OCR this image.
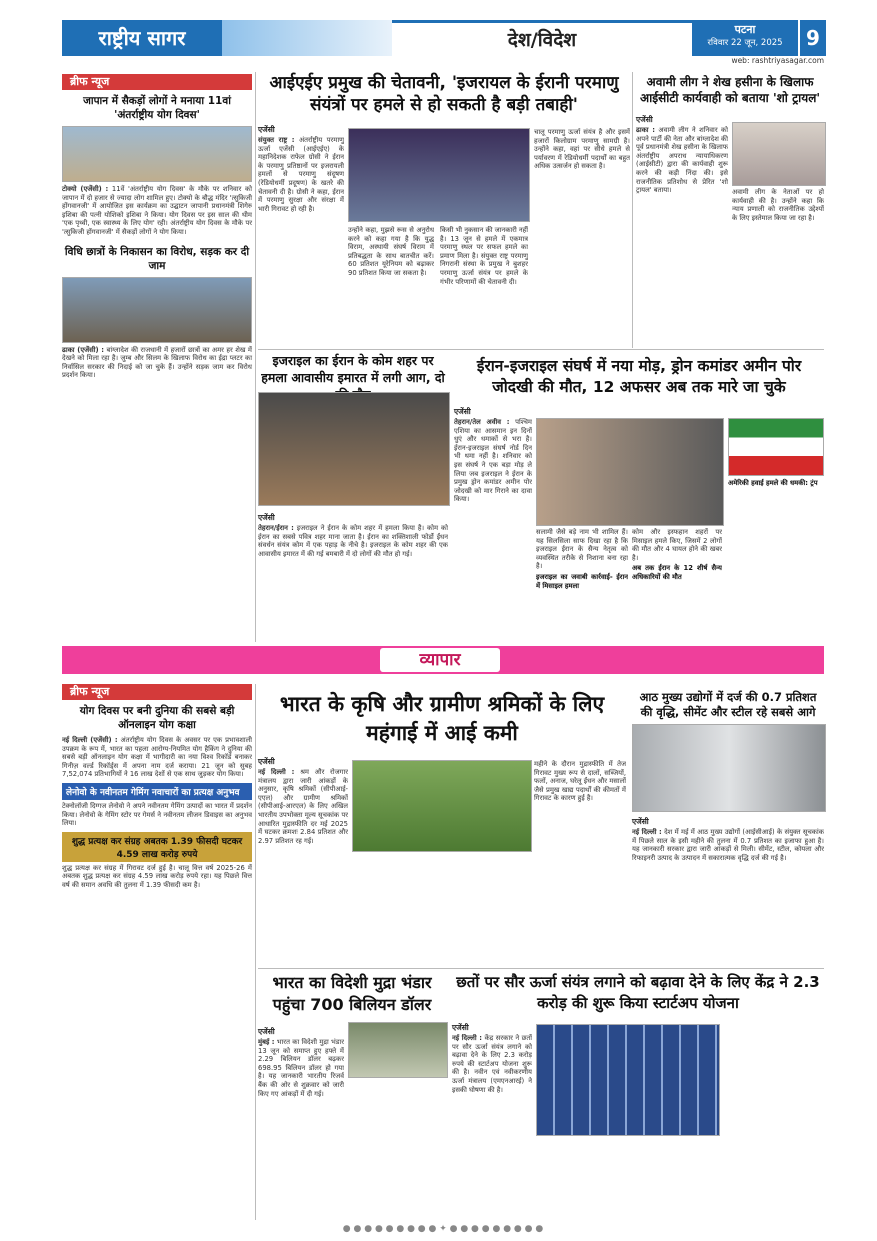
राष्ट्रीय सागर	देश/विदेश	पटना
रविवार 22 जून, 2025	9
web: rashtriyasagar.com
ब्रीफ न्यूज
जापान में सैकड़ों लोगों ने मनाया 11वां 'अंतर्राष्ट्रीय योग दिवस'
टोक्यो (एजेंसी) : 11वें 'अंतर्राष्ट्रीय योग दिवस' के मौके पर शनिवार को जापान में दो हजार से ज्यादा लोग शामिल हुए। टोक्यो के बौद्ध मंदिर 'त्सुकिजी होंगवानजी' में आयोजित इस कार्यक्रम का उद्घाटन जापानी प्रधानमंत्री शिगेरु इशिबा की पत्नी योशिको इशिबा ने किया। योग दिवस पर इस साल की थीम 'एक पृथ्वी, एक स्वास्थ्य के लिए योग' रही। अंतर्राष्ट्रीय योग दिवस के मौके पर 'त्सुकिजी होंगवानजी' में सैकड़ों लोगों ने योग किया।
विधि छात्रों के निकासन का विरोध, सड़क कर दी जाम
ढाका (एजेंसी) : बांग्लादेश की राजधानी में हजारों छात्रों का अमर हर शेख में देखने को मिला रहा है। जुम्ब और सिलम के खिलाफ विरोध का ईद्रा प्लटर का निर्वासिल सरकार की निदाई को जा चुके हैं। उन्होंने सड़क जाम कर विरोध प्रदर्शन किया।
आईएईए प्रमुख की चेतावनी, 'इजरायल के ईरानी परमाणु संयंत्रों पर हमले से हो सकती है बड़ी तबाही'
एजेंसी
संयुक्त राष्ट्र : अंतर्राष्ट्रीय परमाणु ऊर्जा एजेंसी (आईएईए) के महानिदेशक राफेल ग्रोसी ने ईरान के परमाणु प्रतिष्ठानों पर इजरायली हमलों से परमाणु संदूषण (रेडियोधर्मी प्रदूषण) के खतरे की चेतावनी दी है। ग्रोसी ने कहा, ईरान में परमाणु सुरक्षा और संरक्षा में भारी गिरावट हो रही है।
उन्होंने कहा, मुझसे रूस से अनुरोध करने को कहा गया है कि युद्ध विराम, अस्थायी संघर्ष विराम में प्रतिबद्धता के साथ बातचीत करें। 60 प्रतिशत यूरेनियम को बढ़ाकर 90 प्रतिशत किया जा सकता है।
किसी भी नुकसान की जानकारी नहीं है। 13 जून से हमले में एकमात्र परमाणु स्थल पर सफल हमले का प्रमाण मिला है। संयुक्त राष्ट्र परमाणु निगरानी संस्था के प्रमुख ने बुशहर परमाणु ऊर्जा संयंत्र पर हमले के गंभीर परिणामों की चेतावनी दी।
चालू परमाणु ऊर्जा संयंत्र है और इसमें हजारों किलोग्राम परमाणु सामग्री है। उन्होंने कहा, वहां पर सीधे हमले से पर्यावरण में रेडियोधर्मी पदार्थों का बहुत अधिक उत्सर्जन हो सकता है।
अवामी लीग ने शेख हसीना के खिलाफ आईसीटी कार्यवाही को बताया 'शो ट्रायल'
एजेंसी
ढाका : अवामी लीग ने शनिवार को अपने पार्टी की नेता और बांग्लादेश की पूर्व प्रधानमंत्री शेख हसीना के खिलाफ अंतर्राष्ट्रीय अपराध न्यायाधिकरण (आईसीटी) द्वारा की कार्यवाही शुरू करने की कड़ी निंदा की। इसे राजनीतिक प्रतिशोध से प्रेरित 'शो ट्रायल' बताया।	अवामी लीग के नेताओं पर हो कार्यवाही की है। उन्होंने कहा कि न्याय प्रणाली को राजनीतिक उद्देश्यों के लिए इस्तेमाल किया जा रहा है।
इजराइल का ईरान के कोम शहर पर हमला आवासीय इमारत में लगी आग, दो
एजेंसी
तेहरान/ईरान : इजराइल ने ईरान के कोम शहर में हमला किया है। कोम को ईरान का सबसे पवित्र शहर माना जाता है। ईरान का शक्तिशाली फोर्डो ईंधन संवर्धन संयंत्र कोम में एक पहाड़ के नीचे है। इजराइल के कोम शहर की एक आवासीय इमारत में की गई बमबारी में दो लोगों की मौत हो गई।
ईरान-इजराइल संघर्ष में नया मोड़, ड्रोन कमांडर अमीन पोर जोदखी की मौत, 12 अफसर अब तक मारे जा चुके
एजेंसी
तेहरान/तेल अवीव : पश्चिम एशिया का आसमान इन दिनों धुएं और धमाकों से भरा है। ईरान-इजराइल संघर्ष नोर्ड दिन भी थमा नहीं है। शनिवार को इस संघर्ष ने एक बड़ा मोड़ ले लिया जब इजराइल ने ईरान के प्रमुख ड्रोन कमांडर अमीन पोर जोदखी को मार गिराने का दावा किया।
सलामी जैसे बड़े नाम भी शामिल हैं। यह सिलसिला साफ दिखा रहा है कि इजराइल ईरान के सैन्य नेतृत्व को व्यवस्थित तरीके से निशाना बना रहा है।
इजराइल का जवाबी कार्रवाई- ईरान में मिसाइल हमला
कोम और इस्फहान शहरों पर मिसाइल हमले किए, जिसमें 2 लोगों की मौत और 4 घायल होने की खबर है।
अब तक ईरान के 12 शीर्ष सैन्य अधिकारियों की मौत
अमेरिकी हवाई हमले की धमकी: ट्रंप
व्यापार
ब्रीफ न्यूज
योग दिवस पर बनी दुनिया की सबसे बड़ी ऑनलाइन योग कक्षा
नई दिल्ली (एजेंसी) : अंतर्राष्ट्रीय योग दिवस के अवसर पर एक प्रभावशाली उपक्रम के रूप में, भारत का पहला आरोग्य-नियमित योग हैकिंग ने दुनिया की सबसे बड़ी ऑनलाइन योग कक्षा में भागीदारी का नया विश्व रिकॉर्ड बनाकर गिनीज़ वर्ल्ड रिकॉर्ड्स में अपना नाम दर्ज कराया। 21 जून को सुबह 7,52,074 प्रतिभागियों ने 16 लाख देशों से एक साथ जुड़कर योग किया।
लेनोवो के नवीनतम गेमिंग नवाचारों का प्रत्यक्ष अनुभव
टेक्नोलॉजी दिग्गज लेनोवो ने अपने नवीनतम गेमिंग उत्पादों का भारत में प्रदर्शन किया। लेनोवो के गेमिंग स्टोर पर गेमर्स ने नवीनतम लीजन डिवाइस का अनुभव लिया।
शुद्ध प्रत्यक्ष कर संग्रह अबतक 1.39 फीसदी घटकर 4.59 लाख करोड़ रुपये
शुद्ध प्रत्यक्ष कर संग्रह में गिरावट दर्ज हुई है। चालू वित्त वर्ष 2025-26 में अबतक शुद्ध प्रत्यक्ष कर संग्रह 4.59 लाख करोड़ रुपये रहा। यह पिछले वित्त वर्ष की समान अवधि की तुलना में 1.39 फीसदी कम है।
भारत के कृषि और ग्रामीण श्रमिकों के लिए महंगाई में आई कमी
एजेंसी
नई दिल्ली : श्रम और रोजगार मंत्रालय द्वारा जारी आंकड़ों के अनुसार, कृषि श्रमिकों (सीपीआई-एएल) और ग्रामीण श्रमिकों (सीपीआई-आरएल) के लिए अखिल भारतीय उपभोक्ता मूल्य सूचकांक पर आधारित मुद्रास्फीति दर मई 2025 में घटकर क्रमशः 2.84 प्रतिशत और 2.97 प्रतिशत रह गई।
महीने के दौरान मुद्रास्फीति में तेज गिरावट मुख्य रूप से दालों, सब्जियों, फलों, अनाज, घरेलू ईंधन और मसालों जैसे प्रमुख खाद्य पदार्थों की कीमतों में गिरावट के कारण हुई है।
आठ मुख्य उद्योगों में दर्ज की 0.7 प्रतिशत की वृद्धि, सीमेंट और स्टील रहे सबसे आगे
एजेंसी
नई दिल्ली : देश में मई में आठ मुख्य उद्योगों (आईसीआई) के संयुक्त सूचकांक में पिछले साल के इसी महीने की तुलना में 0.7 प्रतिशत का इजाफा हुआ है। यह जानकारी सरकार द्वारा जारी आंकड़ों से मिली। सीमेंट, स्टील, कोयला और रिफाइनरी उत्पाद के उत्पादन में सकारात्मक वृद्धि दर्ज की गई है।
भारत का विदेशी मुद्रा भंडार पहुंचा 700 बिलियन डॉलर
एजेंसी
मुंबई : भारत का विदेशी मुद्रा भंडार 13 जून को समाप्त हुए हफ्ते में 2.29 बिलियन डॉलर बढ़कर 698.95 बिलियन डॉलर हो गया है। यह जानकारी भारतीय रिजर्व बैंक की ओर से शुक्रवार को जारी किए गए आंकड़ों में दी गई।
छतों पर सौर ऊर्जा संयंत्र लगाने को बढ़ावा देने के लिए केंद्र ने 2.3 करोड़ की शुरू किया स्टार्टअप योजना
एजेंसी
नई दिल्ली : केंद्र सरकार ने छतों पर सौर ऊर्जा संयंत्र लगाने को बढ़ावा देने के लिए 2.3 करोड़ रुपये की स्टार्टअप योजना शुरू की है। नवीन एवं नवीकरणीय ऊर्जा मंत्रालय (एमएनआरई) ने इसकी घोषणा की है।
● ● ● ● ● ● ● ● ● ✦ ● ● ● ● ● ● ● ● ●
